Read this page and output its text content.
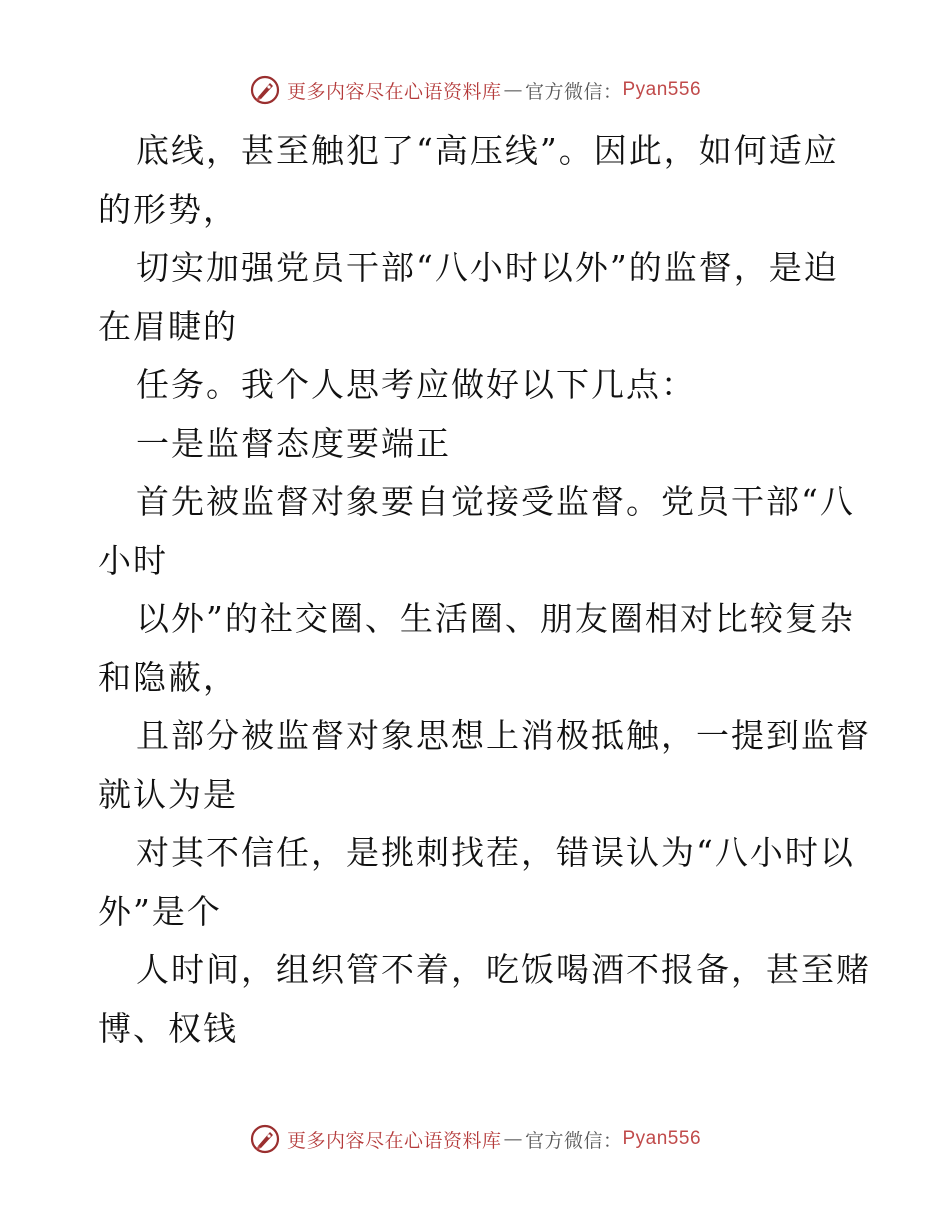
更多内容尽在心语资料库 — 官方微信： Pyan556
底线，甚至触犯了“高压线”。因此，如何适应
的形势，
切实加强党员干部“八小时以外”的监督，是迫
在眉睫的
任务。我个人思考应做好以下几点：
一是监督态度要端正
首先被监督对象要自觉接受监督。党员干部“八
小时
以外”的社交圈、生活圈、朋友圈相对比较复杂
和隐蔽，
且部分被监督对象思想上消极抵触，一提到监督
就认为是
对其不信任，是挑刺找茬，错误认为“八小时以
外”是个
人时间，组织管不着，吃饭喝酒不报备，甚至赌
博、权钱
更多内容尽在心语资料库 — 官方微信： Pyan556
